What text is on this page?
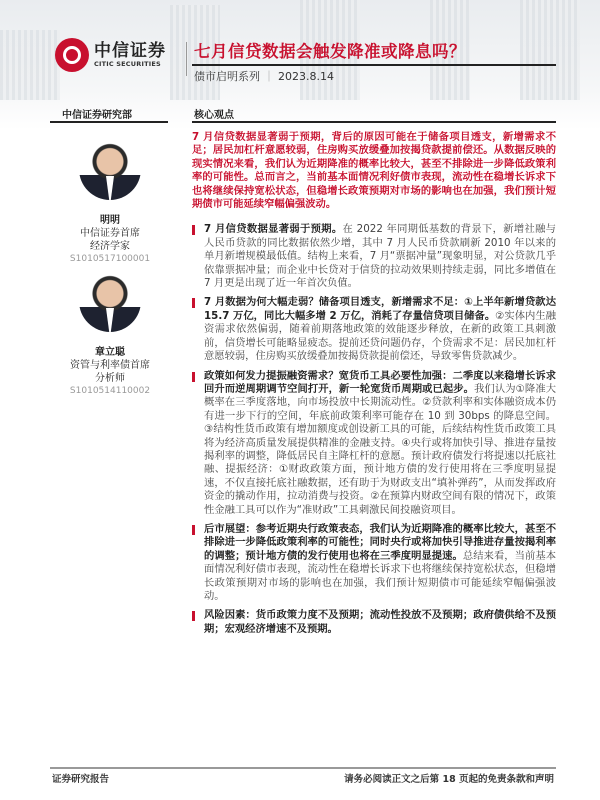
中信证券
CITIC SECURITIES
七月信贷数据会触发降准或降息吗？
债市启明系列 ｜ 2023.8.14
中信证券研究部	核心观点
明明
中信证券首席
经济学家
S1010517100001
章立聪
资管与利率债首席
分析师
S1010514110002
7 月信贷数据显著弱于预期，背后的原因可能在于储备项目透支，新增需求不足；居民加杠杆意愿较弱，住房购买放缓叠加按揭贷款提前偿还。从数据反映的现实情况来看，我们认为近期降准的概率比较大，甚至不排除进一步降低政策利率的可能性。总而言之，当前基本面情况利好债市表现，流动性在稳增长诉求下也将继续保持宽松状态，但稳增长政策预期对市场的影响也在加强，我们预计短期债市可能延续窄幅偏强波动。
7 月信贷数据显著弱于预期。在 2022 年同期低基数的背景下，新增社融与人民币贷款的同比数据依然少增，其中 7 月人民币贷款刷新 2010 年以来的单月新增规模最低值。结构上来看，7 月“票据冲量”现象明显，对公贷款几乎依靠票据冲量；而企业中长贷对于信贷的拉动效果则持续走弱，同比多增值在 7 月更是出现了近一年首次负值。
7 月数据为何大幅走弱？储备项目透支，新增需求不足：①上半年新增贷款达 15.7 万亿，同比大幅多增 2 万亿，消耗了存量信贷项目储备。②实体内生融资需求依然偏弱，随着前期落地政策的效能逐步释放，在新的政策工具刺激前，信贷增长可能略显疲态。提前还贷问题仍存，个贷需求不足：居民加杠杆意愿较弱，住房购买放缓叠加按揭贷款提前偿还，导致零售贷款减少。
政策如何发力提振融资需求？宽货币工具必要性加强：二季度以来稳增长诉求回升而逆周期调节空间打开，新一轮宽货币周期或已起步。我们认为①降准大概率在三季度落地，向市场投放中长期流动性。②贷款利率和实体融资成本仍有进一步下行的空间，年底前政策利率可能存在 10 到 30bps 的降息空间。③结构性货币政策有增加额度或创设新工具的可能，后续结构性货币政策工具将为经济高质量发展提供精准的金融支持。④央行或将加快引导、推进存量按揭利率的调整，降低居民自主降杠杆的意愿。预计政府债发行将提速以托底社融、提振经济：①财政政策方面，预计地方债的发行使用将在三季度明显提速，不仅直接托底社融数据，还有助于为财政支出“填补弹药”，从而发挥政府资金的撬动作用，拉动消费与投资。②在预算内财政空间有限的情况下，政策性金融工具可以作为“准财政”工具刺激民间投融资项目。
后市展望：参考近期央行政策表态，我们认为近期降准的概率比较大，甚至不排除进一步降低政策利率的可能性；同时央行或将加快引导推进存量按揭利率的调整；预计地方债的发行使用也将在三季度明显提速。总结来看，当前基本面情况利好债市表现，流动性在稳增长诉求下也将继续保持宽松状态，但稳增长政策预期对市场的影响也在加强，我们预计短期债市可能延续窄幅偏强波动。
风险因素：货币政策力度不及预期；流动性投放不及预期；政府债供给不及预期；宏观经济增速不及预期。
证券研究报告	请务必阅读正文之后第 18 页起的免责条款和声明
